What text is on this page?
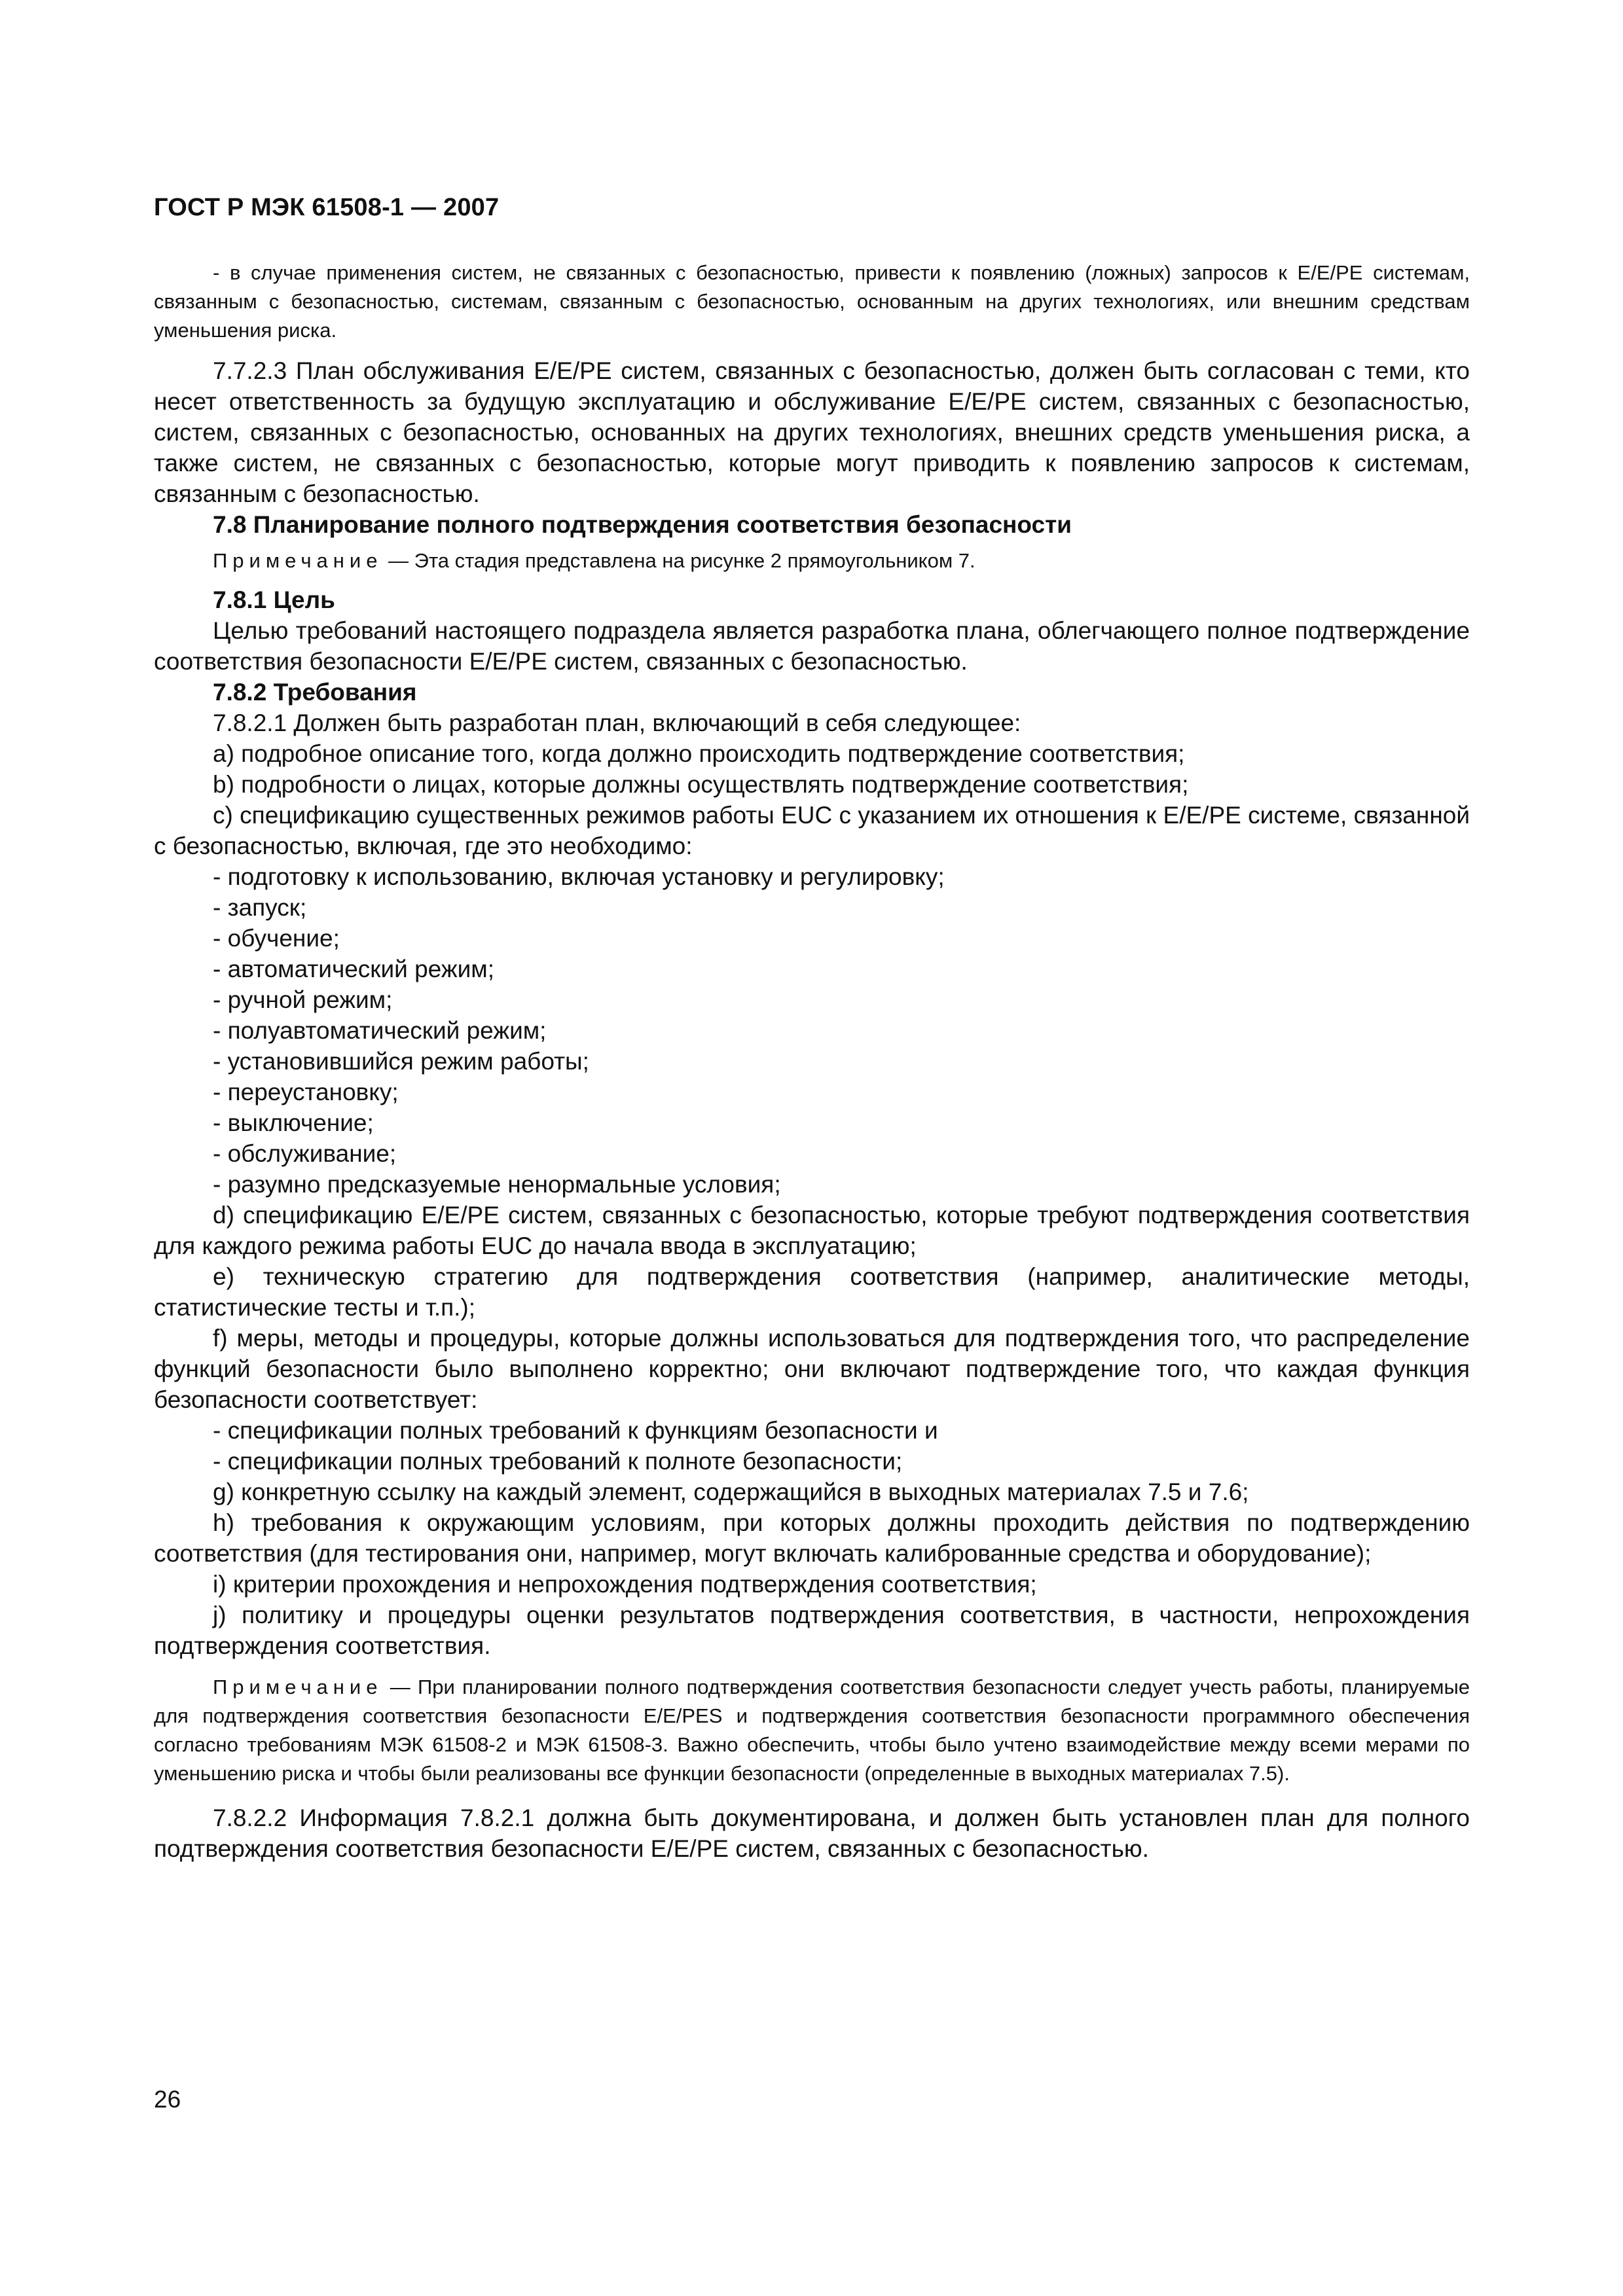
ГОСТ Р МЭК 61508-1 — 2007

- в случае применения систем, не связанных с безопасностью, привести к появлению (ложных) запросов к E/E/PE системам, связанным с безопасностью, системам, связанным с безопасностью, основанным на других технологиях, или внешним средствам уменьшения риска.

7.7.2.3 План обслуживания E/E/PE систем, связанных с безопасностью, должен быть согласован с теми, кто несет ответственность за будущую эксплуатацию и обслуживание E/E/PE систем, связанных с безопасностью, систем, связанных с безопасностью, основанных на других технологиях, внешних средств уменьшения риска, а также систем, не связанных с безопасностью, которые могут приводить к появлению запросов к системам, связанным с безопасностью.

7.8 Планирование полного подтверждения соответствия безопасности

Примечание — Эта стадия представлена на рисунке 2 прямоугольником 7.

7.8.1 Цель

Целью требований настоящего подраздела является разработка плана, облегчающего полное подтверждение соответствия безопасности E/E/PE систем, связанных с безопасностью.

7.8.2 Требования

7.8.2.1 Должен быть разработан план, включающий в себя следующее:

а) подробное описание того, когда должно происходить подтверждение соответствия;

b) подробности о лицах, которые должны осуществлять подтверждение соответствия;

с) спецификацию существенных режимов работы EUC с указанием их отношения к E/E/PE системе, связанной с безопасностью, включая, где это необходимо:

- подготовку к использованию, включая установку и регулировку;

- запуск;

- обучение;

- автоматический режим;

- ручной режим;

- полуавтоматический режим;

- установившийся режим работы;

- переустановку;

- выключение;

- обслуживание;

- разумно предсказуемые ненормальные условия;

d) спецификацию E/E/PE систем, связанных с безопасностью, которые требуют подтверждения соответствия для каждого режима работы EUC до начала ввода в эксплуатацию;

е) техническую стратегию для подтверждения соответствия (например, аналитические методы, статистические тесты и т.п.);

f) меры, методы и процедуры, которые должны использоваться для подтверждения того, что распределение функций безопасности было выполнено корректно; они включают подтверждение того, что каждая функция безопасности соответствует:

- спецификации полных требований к функциям безопасности и

- спецификации полных требований к полноте безопасности;

g) конкретную ссылку на каждый элемент, содержащийся в выходных материалах 7.5 и 7.6;

h) требования к окружающим условиям, при которых должны проходить действия по подтверждению соответствия (для тестирования они, например, могут включать калиброванные средства и оборудование);

i) критерии прохождения и непрохождения подтверждения соответствия;

j) политику и процедуры оценки результатов подтверждения соответствия, в частности, непрохождения подтверждения соответствия.

Примечание — При планировании полного подтверждения соответствия безопасности следует учесть работы, планируемые для подтверждения соответствия безопасности E/E/PES и подтверждения соответствия безопасности программного обеспечения согласно требованиям МЭК 61508-2 и МЭК 61508-3. Важно обеспечить, чтобы было учтено взаимодействие между всеми мерами по уменьшению риска и чтобы были реализованы все функции безопасности (определенные в выходных материалах 7.5).

7.8.2.2 Информация 7.8.2.1 должна быть документирована, и должен быть установлен план для полного подтверждения соответствия безопасности E/E/PE систем, связанных с безопасностью.

26
